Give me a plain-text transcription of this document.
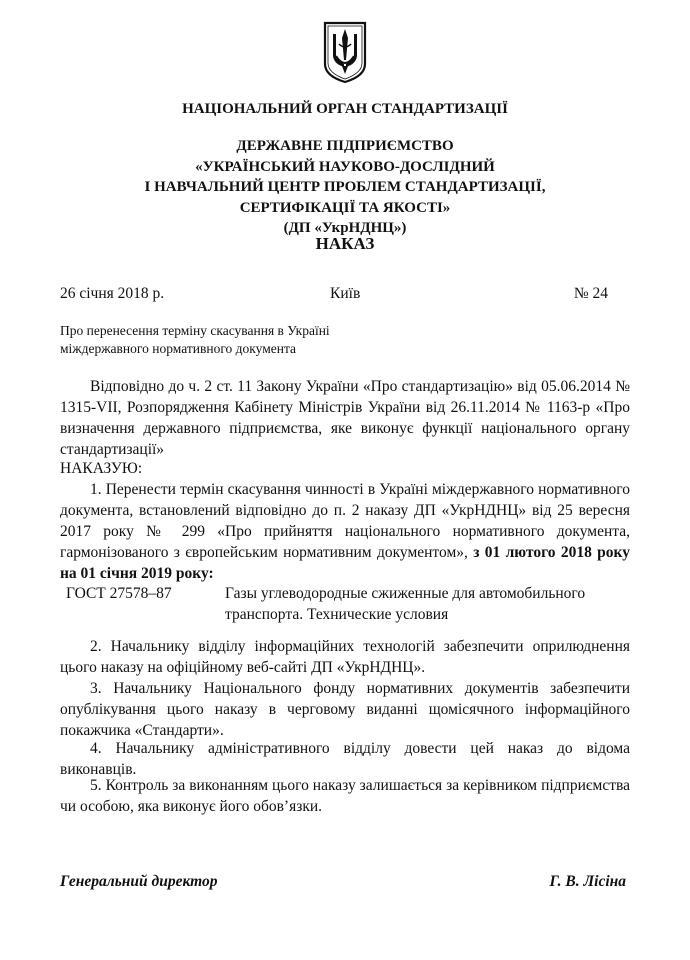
НАЦІОНАЛЬНИЙ ОРГАН СТАНДАРТИЗАЦІЇ
ДЕРЖАВНЕ ПІДПРИЄМСТВО
«УКРАЇНСЬКИЙ НАУКОВО-ДОСЛІДНИЙ
І НАВЧАЛЬНИЙ ЦЕНТР ПРОБЛЕМ СТАНДАРТИЗАЦІЇ,
СЕРТИФІКАЦІЇ ТА ЯКОСТІ»
(ДП «УкрНДНЦ»)
НАКАЗ
26 січня 2018 р.	Київ	№ 24
Про перенесення терміну скасування в Україні
міждержавного нормативного документа
Відповідно до ч. 2 ст. 11 Закону України «Про стандартизацію» від 05.06.2014 № 1315-VII, Розпорядження Кабінету Міністрів України від 26.11.2014 № 1163-р «Про визначення державного підприємства, яке виконує функції національного органу стандартизації»
НАКАЗУЮ:
1. Перенести термін скасування чинності в Україні міждержавного нормативного документа, встановлений відповідно до п. 2 наказу ДП «УкрНДНЦ» від 25 вересня 2017 року № 299 «Про прийняття національного нормативного документа, гармонізованого з європейським нормативним документом», з 01 лютого 2018 року на 01 січня 2019 року:
ГОСТ 27578–87	Газы углеводородные сжиженные для автомобильного транспорта. Технические условия
2. Начальнику відділу інформаційних технологій забезпечити оприлюднення цього наказу на офіційному веб-сайті ДП «УкрНДНЦ».
3. Начальнику Національного фонду нормативних документів забезпечити опублікування цього наказу в черговому виданні щомісячного інформаційного покажчика «Стандарти».
4. Начальнику адміністративного відділу довести цей наказ до відома виконавців.
5. Контроль за виконанням цього наказу залишається за керівником підприємства чи особою, яка виконує його обов’язки.
Генеральний директор	Г. В. Лісіна
